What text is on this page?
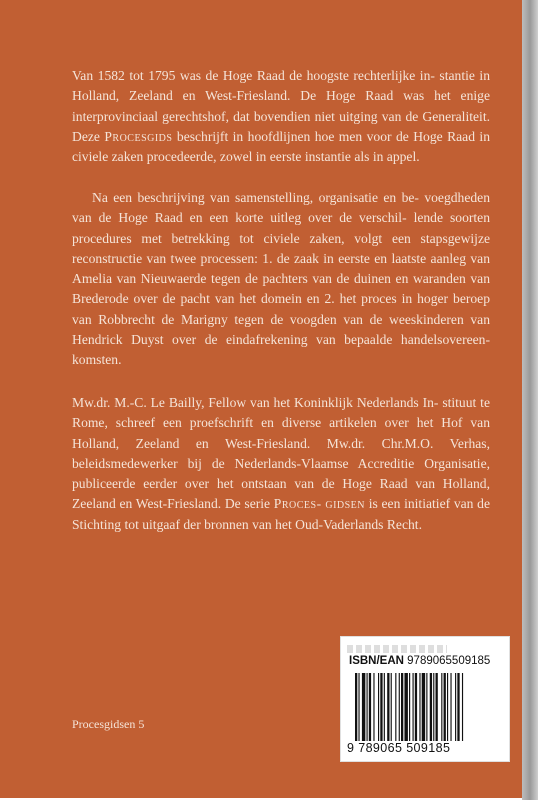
Van 1582 tot 1795 was de Hoge Raad de hoogste rechterlijke in- stantie in Holland, Zeeland en West-Friesland. De Hoge Raad was het enige interprovinciaal gerechtshof, dat bovendien niet uitging van de Generaliteit. Deze Procesgids beschrijft in hoofdlijnen hoe men voor de Hoge Raad in civiele zaken procedeerde, zowel in eerste instantie als in appel.

Na een beschrijving van samenstelling, organisatie en be- voegdheden van de Hoge Raad en een korte uitleg over de verschil- lende soorten procedures met betrekking tot civiele zaken, volgt een stapsgewijze reconstructie van twee processen: 1. de zaak in eerste en laatste aanleg van Amelia van Nieuwaerde tegen de pachters van de duinen en waranden van Brederode over de pacht van het domein en 2. het proces in hoger beroep van Robbrecht de Marigny tegen de voogden van de weeskinderen van Hendrick Duyst over de eindafrekening van bepaalde handelsovereen- komsten.

Mw.dr. M.-C. Le Bailly, Fellow van het Koninklijk Nederlands In- stituut te Rome, schreef een proefschrift en diverse artikelen over het Hof van Holland, Zeeland en West-Friesland. Mw.dr. Chr.M.O. Verhas, beleidsmedewerker bij de Nederlands-Vlaamse Accreditie Organisatie, publiceerde eerder over het ontstaan van de Hoge Raad van Holland, Zeeland en West-Friesland. De serie Proces- gidsen is een initiatief van de Stichting tot uitgaaf der bronnen van het Oud-Vaderlands Recht.

Procesgidsen 5
ISBN/EAN 9789065509185
9 789065 509185
